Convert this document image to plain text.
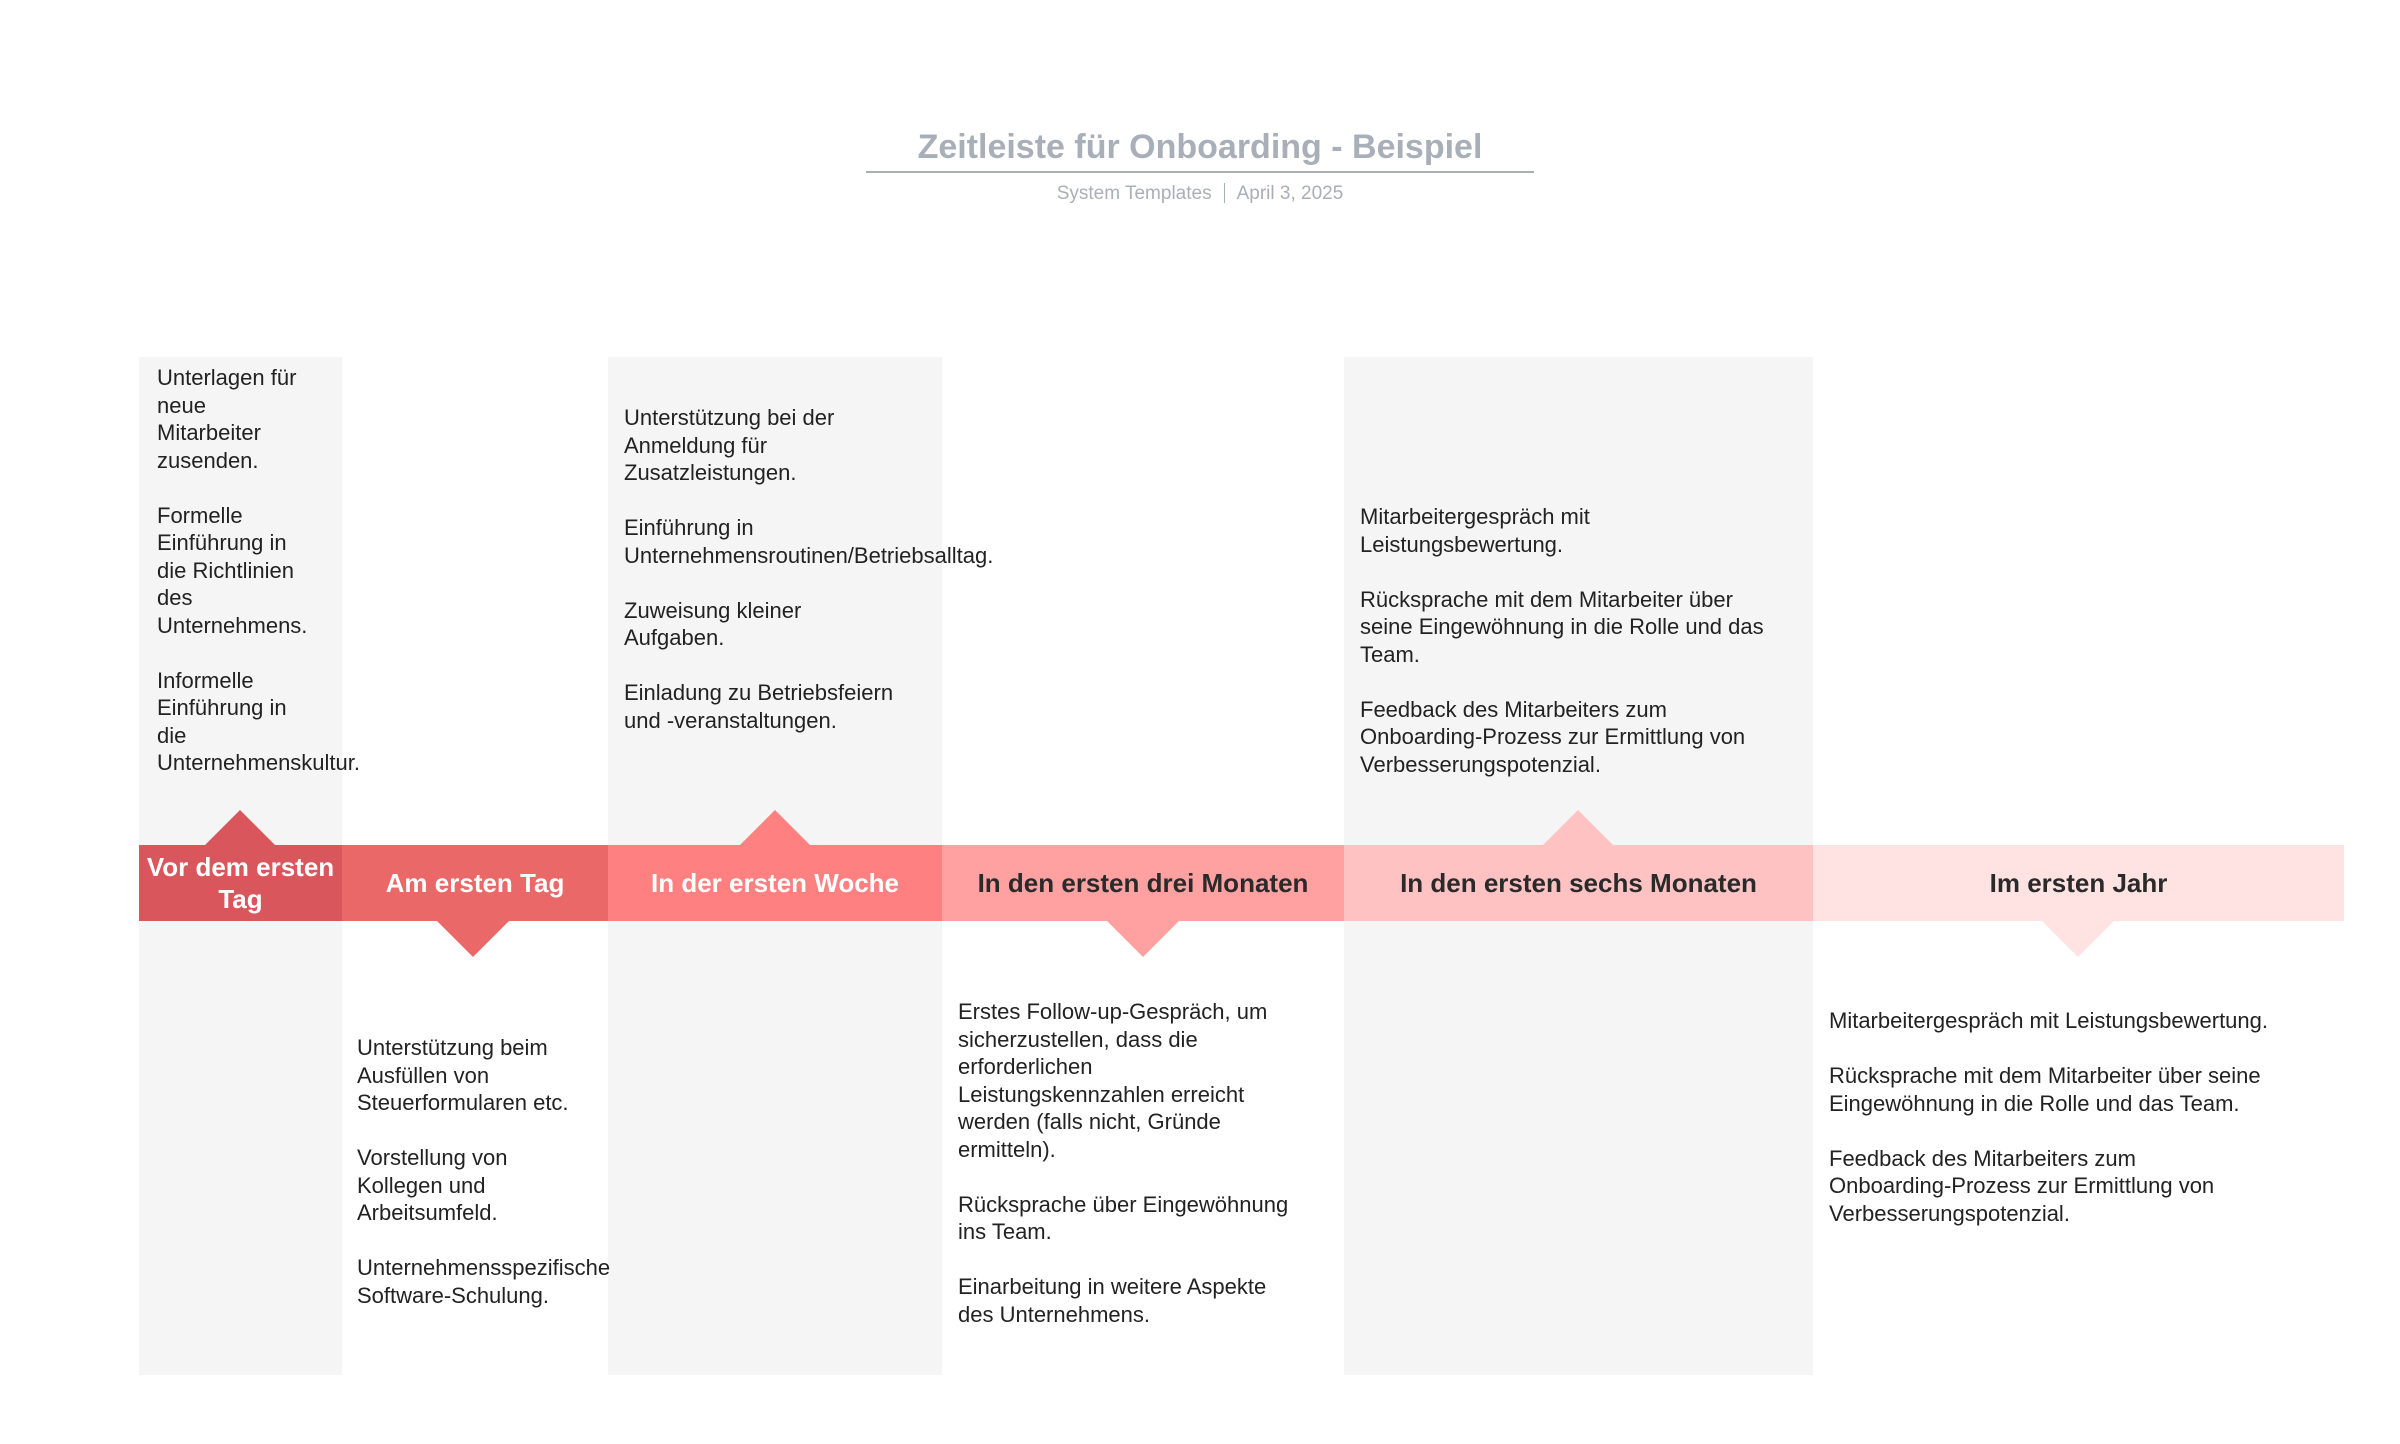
Zeitleiste für Onboarding - Beispiel
System Templates April 3, 2025
Vor dem ersten Tag
Am ersten Tag	In der ersten Woche	In den ersten drei Monaten	In den ersten sechs Monaten	Im ersten Jahr

Unterlagen für
neue
Mitarbeiter
zusenden.

Formelle
Einführung in
die Richtlinien
des
Unternehmens.

Informelle
Einführung in
die
Unternehmenskultur.

Unterstützung beim
Ausfüllen von
Steuerformularen etc.

Vorstellung von
Kollegen und
Arbeitsumfeld.

Unternehmensspezifische
Software-Schulung.

Unterstützung bei der
Anmeldung für
Zusatzleistungen.

Einführung in
Unternehmensroutinen/Betriebsalltag.

Zuweisung kleiner
Aufgaben.

Einladung zu Betriebsfeiern
und -veranstaltungen.

Erstes Follow-up-Gespräch, um
sicherzustellen, dass die
erforderlichen
Leistungskennzahlen erreicht
werden (falls nicht, Gründe
ermitteln).

Rücksprache über Eingewöhnung
ins Team.

Einarbeitung in weitere Aspekte
des Unternehmens.

Mitarbeitergespräch mit
Leistungsbewertung.

Rücksprache mit dem Mitarbeiter über
seine Eingewöhnung in die Rolle und das
Team.

Feedback des Mitarbeiters zum
Onboarding-Prozess zur Ermittlung von
Verbesserungspotenzial.

Mitarbeitergespräch mit Leistungsbewertung.

Rücksprache mit dem Mitarbeiter über seine
Eingewöhnung in die Rolle und das Team.

Feedback des Mitarbeiters zum
Onboarding-Prozess zur Ermittlung von
Verbesserungspotenzial.
